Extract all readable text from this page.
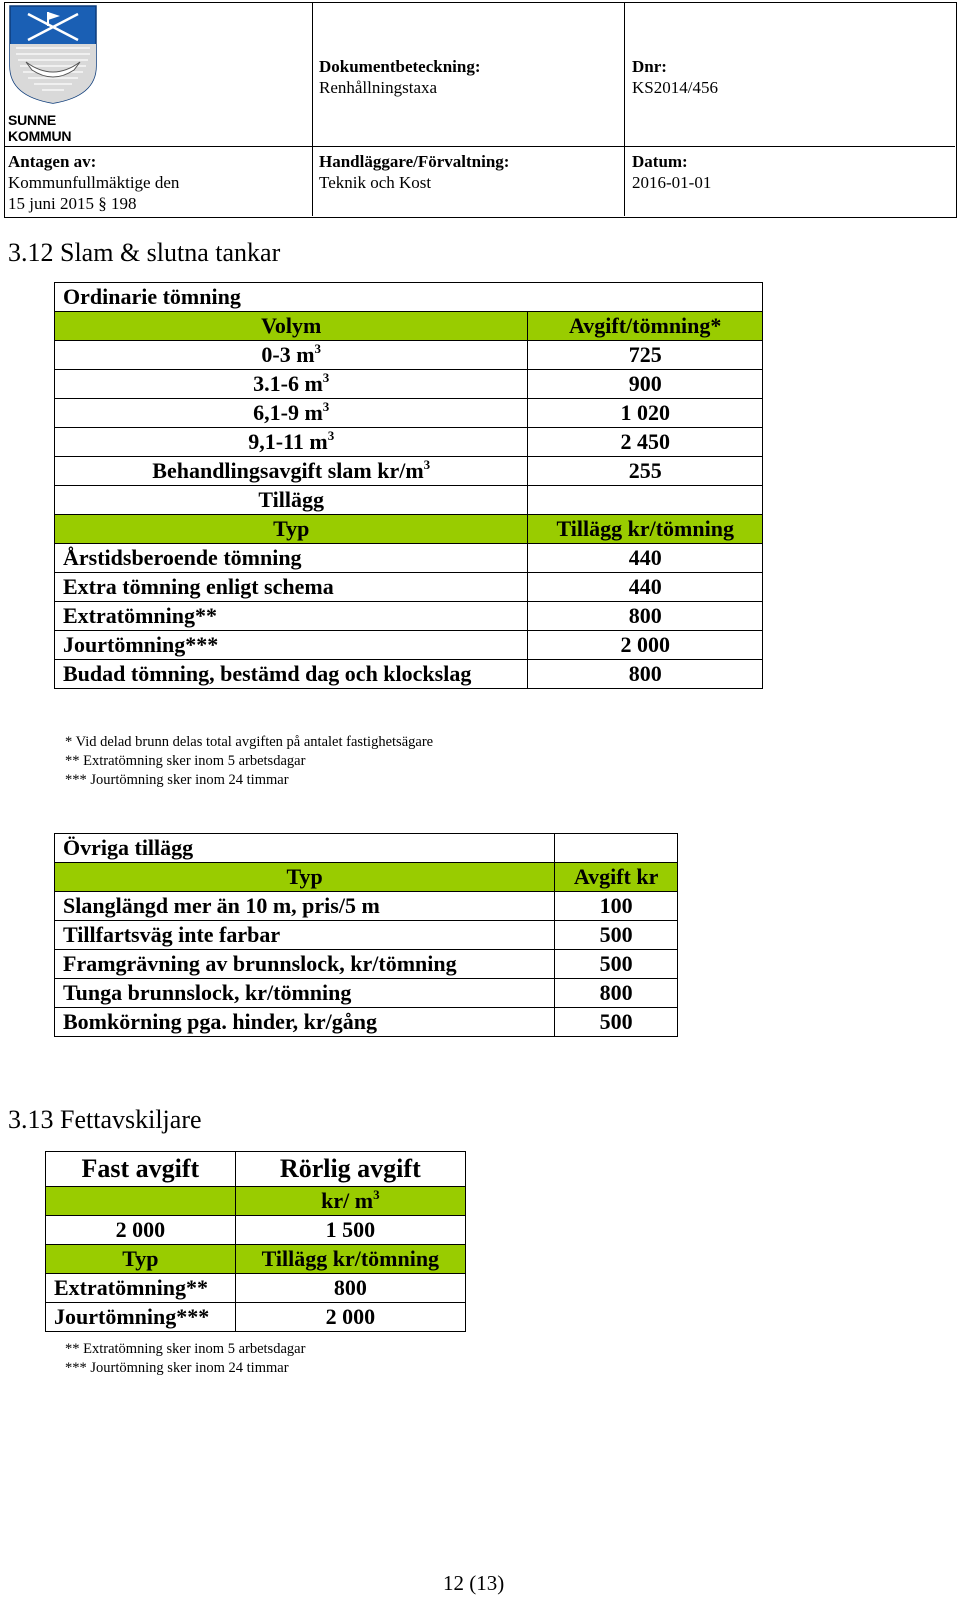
SUNNE KOMMUN
Dokumentbeteckning:
Renhållningstaxa
Dnr:
KS2014/456
Antagen av:
Kommunfullmäktige den
15 juni 2015 § 198
Handläggare/Förvaltning:
Teknik och Kost
Datum:
2016-01-01
3.12 Slam & slutna tankar
Ordinarie tömning	
Volym	Avgift/tömning*
0-3 $m^3$	725
3.1-6 $m^3$	900
6,1-9 $m^3$	1 020
9,1-11 $m^3$	2 450
Behandlingsavgift slam $kr/m^3$	255
Tillägg	
Typ	Tillägg kr/tömning
Årstidsberoende tömning	440
Extra tömning enligt schema	440
Extratömning**	800
Jourtömning***	2 000
Budad tömning, bestämd dag och klockslag	800
* Vid delad brunn delas total avgiften på antalet fastighetsägare
** Extratömning sker inom 5 arbetsdagar
*** Jourtömning sker inom 24 timmar
Övriga tillägg	
Typ	Avgift kr
Slanglängd mer än 10 m, pris/5 m	100
Tillfartsväg inte farbar	500
Framgrävning av brunnslock, kr/tömning	500
Tunga brunnslock, kr/tömning	800
Bomkörning pga. hinder, kr/gång	500
3.13 Fettavskiljare
Fast avgift	Rörlig avgift
	kr/ $m^3$
2 000	1 500
Typ	Tillägg kr/tömning
Extratömning**	800
Jourtömning***	2 000
** Extratömning sker inom 5 arbetsdagar
*** Jourtömning sker inom 24 timmar
12 (13)
